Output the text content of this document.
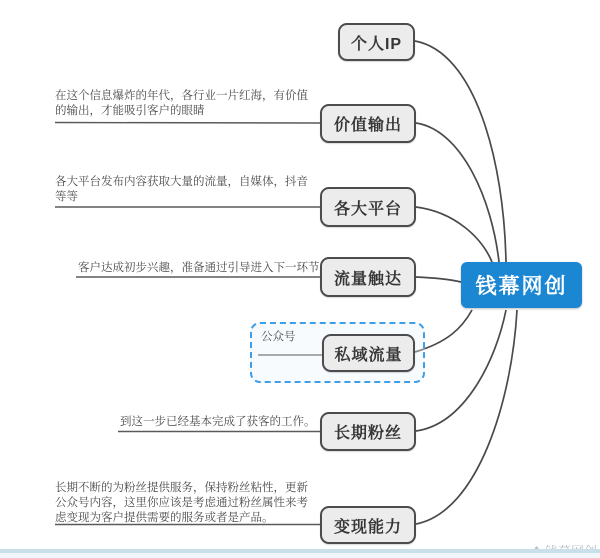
个人IP
价值输出
各大平台
流量触达
私域流量
长期粉丝
变现能力
钱幕网创
在这个信息爆炸的年代，各行业一片红海，有价值的输出，才能吸引客户的眼睛
各大平台发布内容获取大量的流量，自媒体，抖音等等
客户达成初步兴趣，准备通过引导进入下一环节
公众号
到这一步已经基本完成了获客的工作。
长期不断的为粉丝提供服务，保持粉丝粘性，更新公众号内容，这里你应该是考虑通过粉丝属性来考虑变现为客户提供需要的服务或者是产品。
